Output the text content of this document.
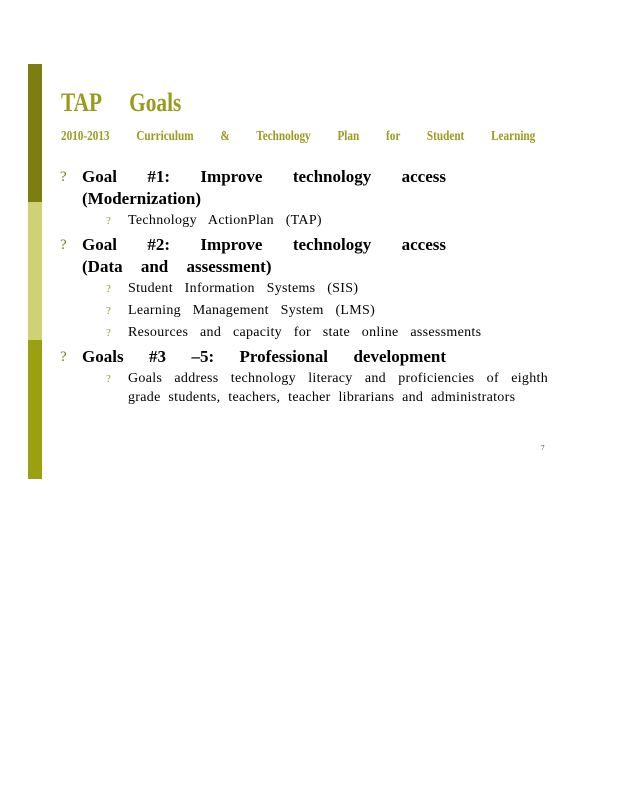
TAP Goals
2010-2013 Curriculum & Technology Plan for Student Learning
? Goal #1: Improve technology access
(Modernization)
? Technology ActionPlan (TAP)
? Goal #2: Improve technology access
(Data and assessment)
? Student Information Systems (SIS)
? Learning Management System (LMS)
? Resources and capacity for state online assessments
? Goals #3 –5: Professional development
? Goals address technology literacy and proficiencies of eighth grade students, teachers, teacher librarians and administrators
7
